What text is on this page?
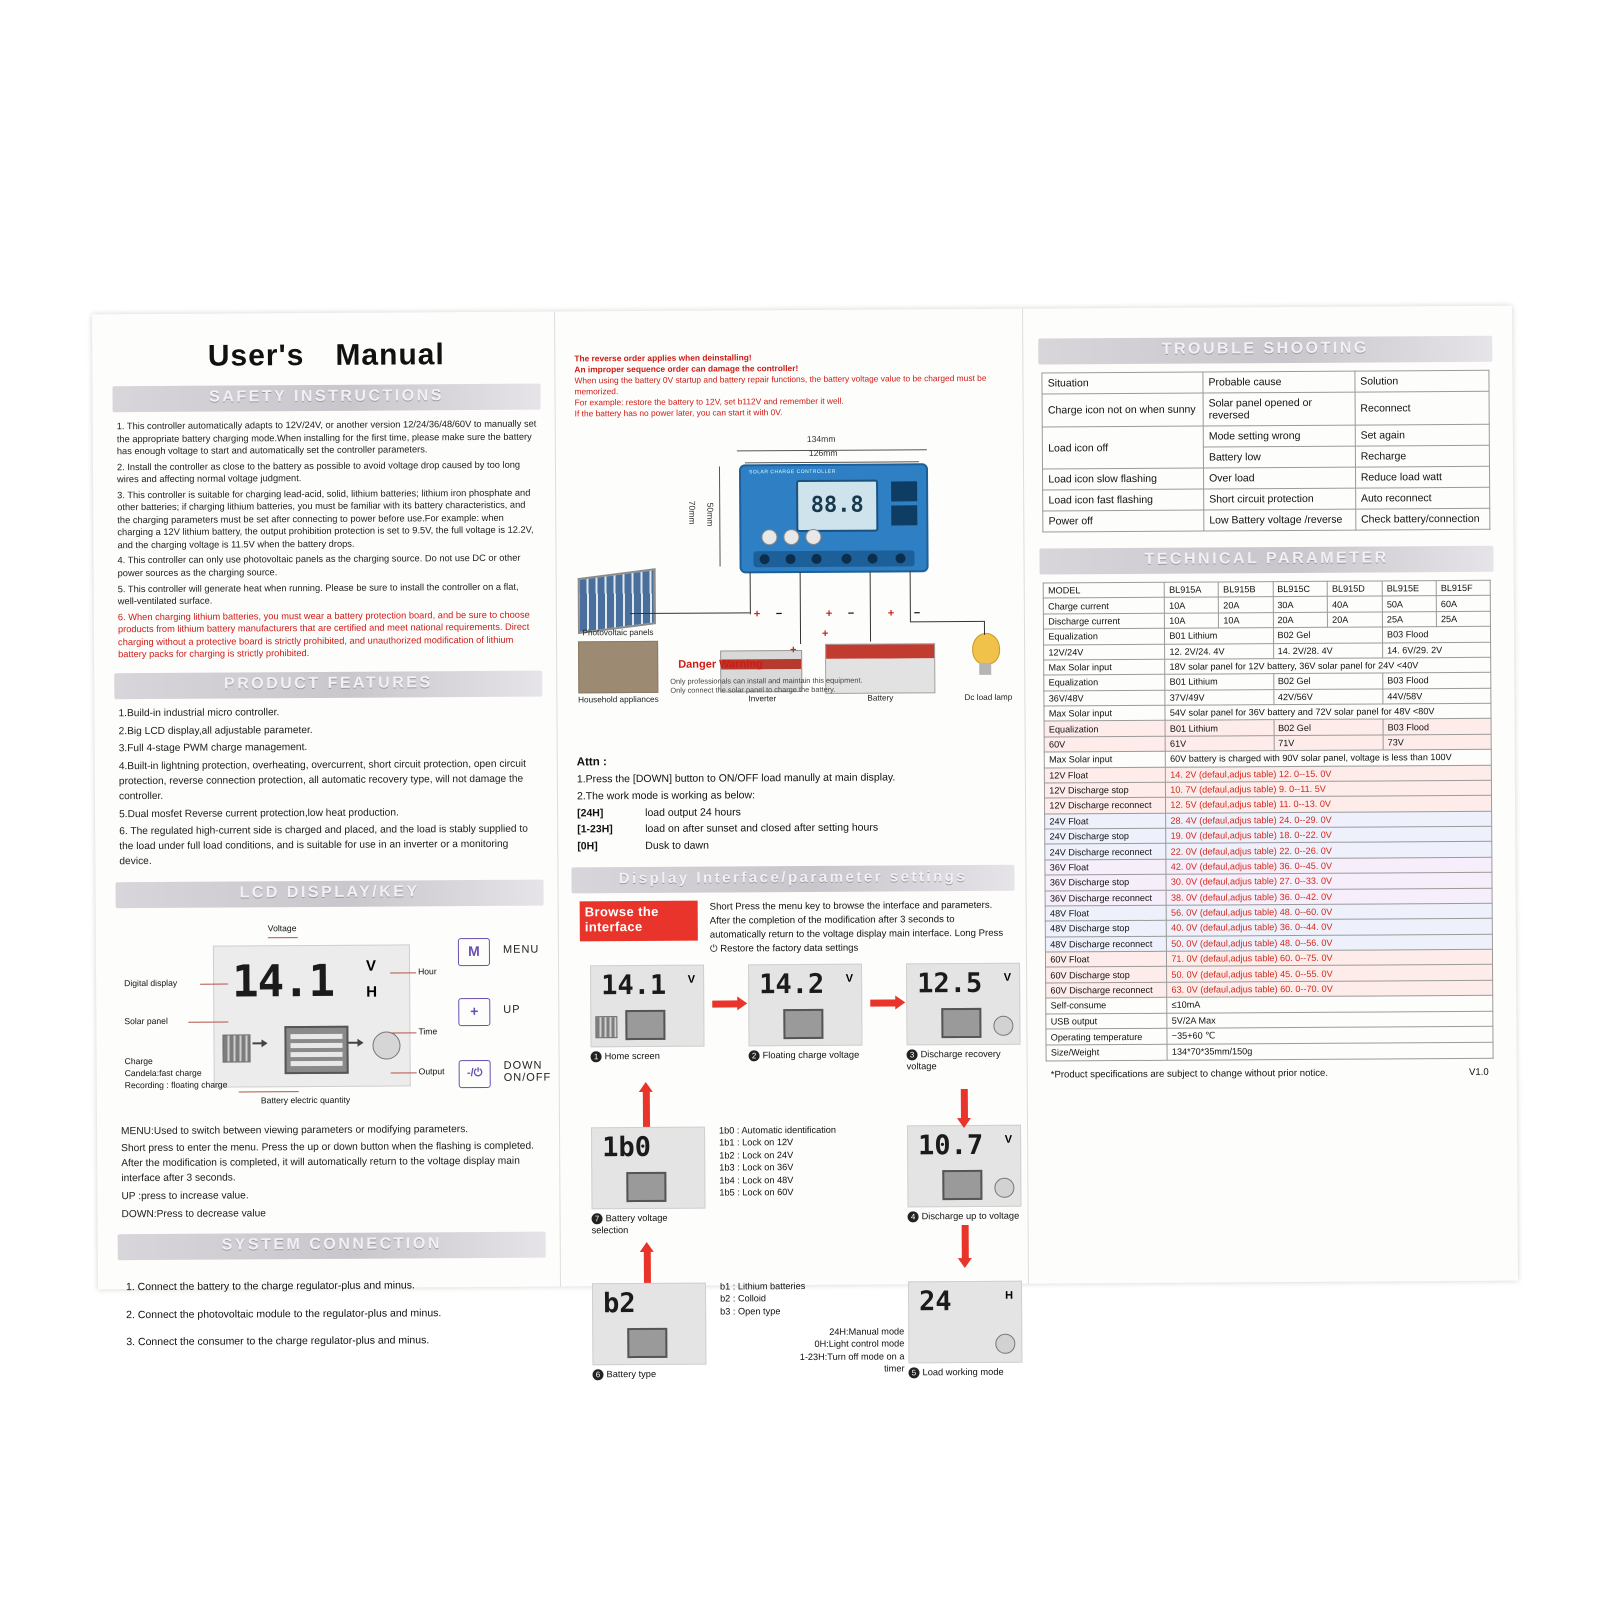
User's Manual
SAFETY INSTRUCTIONS

1. This controller automatically adapts to 12V/24V, or another version 12/24/36/48/60V to manually set the appropriate battery charging mode.When installing for the first time, please make sure the battery has enough voltage to start and automatically set the controller parameters.

2. Install the controller as close to the battery as possible to avoid voltage drop caused by too long wires and affecting normal voltage judgment.

3. This controller is suitable for charging lead-acid, solid, lithium batteries; lithium iron phosphate and other batteries; if charging lithium batteries, you must be familiar with its battery characteristics, and the charging parameters must be set after connecting to power before use.For example: when charging a 12V lithium battery, the output prohibition protection is set to 9.5V, the full voltage is 12.2V, and the charging voltage is 11.5V when the battery drops.

4. This controller can only use photovoltaic panels as the charging source. Do not use DC or other power sources as the charging source.

5. This controller will generate heat when running. Please be sure to install the controller on a flat, well-ventilated surface.

6. When charging lithium batteries, you must wear a battery protection board, and be sure to choose products from lithium battery manufacturers that are certified and meet national requirements. Direct charging without a protective board is strictly prohibited, and unauthorized modification of lithium battery packs for charging is strictly prohibited.

PRODUCT FEATURES

1.Build-in industrial micro controller.

2.Big LCD display,all adjustable parameter.

3.Full 4-stage PWM charge management.

4.Built-in lightning protection, overheating, overcurrent, short circuit protection, open circuit protection, reverse connection protection, all automatic recovery type, will not damage the controller.

5.Dual mosfet Reverse current protection,low heat production.

6. The regulated high-current side is charged and placed, and the load is stably supplied to the load under full load conditions, and is suitable for use in an inverter or a monitoring device.

LCD DISPLAY/KEY
Voltage
14.1 V
H
Digital display
Solar panel
Charge
Candela:fast charge
Recording : floating charge
Battery electric quantity
Hour
Time
Output
M	MENU
+	UP
-/⏻
DOWN
ON/OFF

MENU:Used to switch between viewing parameters or modifying parameters.

Short press to enter the menu. Press the up or down button when the flashing is completed. After the modification is completed, it will automatically return to the voltage display main interface after 3 seconds.

UP :press to increase value.

DOWN:Press to decrease value

SYSTEM CONNECTION
1. Connect the battery to the charge regulator-plus and minus.
2. Connect the photovoltaic module to the regulator-plus and minus.
3. Connect the consumer to the charge regulator-plus and minus.
The reverse order applies when deinstalling!
An improper sequence order can damage the controller!
When using the battery 0V startup and battery repair functions, the battery voltage value to be charged must be memorized.
For example: restore the battery to 12V, set b112V and remember it well.
If the battery has no power later, you can start it with 0V.
134mm
126mm
70mm 50mm
SOLAR CHARGE CONTROLLER
88.8
Photovoltaic panels
Household appliances	Inverter	Battery	Dc load lamp
+ −	+ −	+ −
+
+
Danger Warning
Only professionals can install and maintain this equipment.
Only connect the solar panel to charge the battery.
Attn :
1.Press the [DOWN] button to ON/OFF load manully at main display.
2.The work mode is working as below:
[24H]	load output 24 hours
[1-23H]	load on after sunset and closed after setting hours
[0H]	Dusk to dawn
Display Interface/parameter settings
Browse the
interface
Short Press the menu key to browse the interface and parameters. After the completion of the modification after 3 seconds to automatically return to the voltage display main interface. Long Press ⏻ Restore the factory data settings
14.1 V
1 Home screen
14.2 V
2 Floating charge voltage
12.5 V
3 Discharge recovery voltage
1b0
7 Battery voltage selection
1b0 : Automatic identification
1b1 : Lock on 12V
1b2 : Lock on 24V
1b3 : Lock on 36V
1b4 : Lock on 48V
1b5 : Lock on 60V
10.7 V
4 Discharge up to voltage
b2
6 Battery type
b1 : Lithium batteries
b2 : Colloid
b3 : Open type
24H:Manual mode
0H:Light control mode
1-23H:Turn off mode on a timer
24	H
5 Load working mode
TROUBLE SHOOTING
Situation	Probable cause	Solution
Charge icon not on when sunny	Solar panel opened or reversed	Reconnect
Load icon off	Mode setting wrong	Set again
	Battery low	Recharge
Load icon slow flashing	Over load	Reduce load watt
Load icon fast flashing	Short circuit protection	Auto reconnect
Power off	Low Battery voltage /reverse	Check battery/connection
TECHNICAL PARAMETER
MODEL	BL915A	BL915B	BL915C	BL915D	BL915E	BL915F
Charge current	10A	20A	30A	40A	50A	60A
Discharge current	10A	10A	20A	20A	25A	25A
Equalization	B01 Lithium		B02 Gel		B03 Flood	
12V/24V	12. 2V/24. 4V		14. 2V/28. 4V		14. 6V/29. 2V	
Max Solar input	18V solar panel for 12V battery, 36V solar panel for 24V <40V					
Equalization	B01 Lithium		B02 Gel		B03 Flood	
36V/48V	37V/49V		42V/56V		44V/58V	
Max Solar input	54V solar panel for 36V battery and 72V solar panel for 48V <80V					
Equalization	B01 Lithium		B02 Gel		B03 Flood	
60V	61V		71V		73V	
Max Solar input	60V battery is charged with 90V solar panel, voltage is less than 100V					
12V Float	14. 2V (defaul,adjus table) 12. 0--15. 0V					
12V Discharge stop	10. 7V (defaul,adjus table) 9. 0--11. 5V					
12V Discharge reconnect	12. 5V (defaul,adjus table) 11. 0--13. 0V					
24V Float	28. 4V (defaul,adjus table) 24. 0--29. 0V					
24V Discharge stop	19. 0V (defaul,adjus table) 18. 0--22. 0V					
24V Discharge reconnect	22. 0V (defaul,adjus table) 22. 0--26. 0V					
36V Float	42. 0V (defaul,adjus table) 36. 0--45. 0V					
36V Discharge stop	30. 0V (defaul,adjus table) 27. 0--33. 0V					
36V Discharge reconnect	38. 0V (defaul,adjus table) 36. 0--42. 0V					
48V Float	56. 0V (defaul,adjus table) 48. 0--60. 0V					
48V Discharge stop	40. 0V (defaul,adjus table) 36. 0--44. 0V					
48V Discharge reconnect	50. 0V (defaul,adjus table) 48. 0--56. 0V					
60V Float	71. 0V (defaul,adjus table) 60. 0--75. 0V					
60V Discharge stop	50. 0V (defaul,adjus table) 45. 0--55. 0V					
60V Discharge reconnect	63. 0V (defaul,adjus table) 60. 0--70. 0V					
Self-consume	≤10mA					
USB output	5V/2A Max					
Operating temperature	−35+60 ℃					
Size/Weight	134*70*35mm/150g					
*Product specifications are subject to change without prior notice.	V1.0
